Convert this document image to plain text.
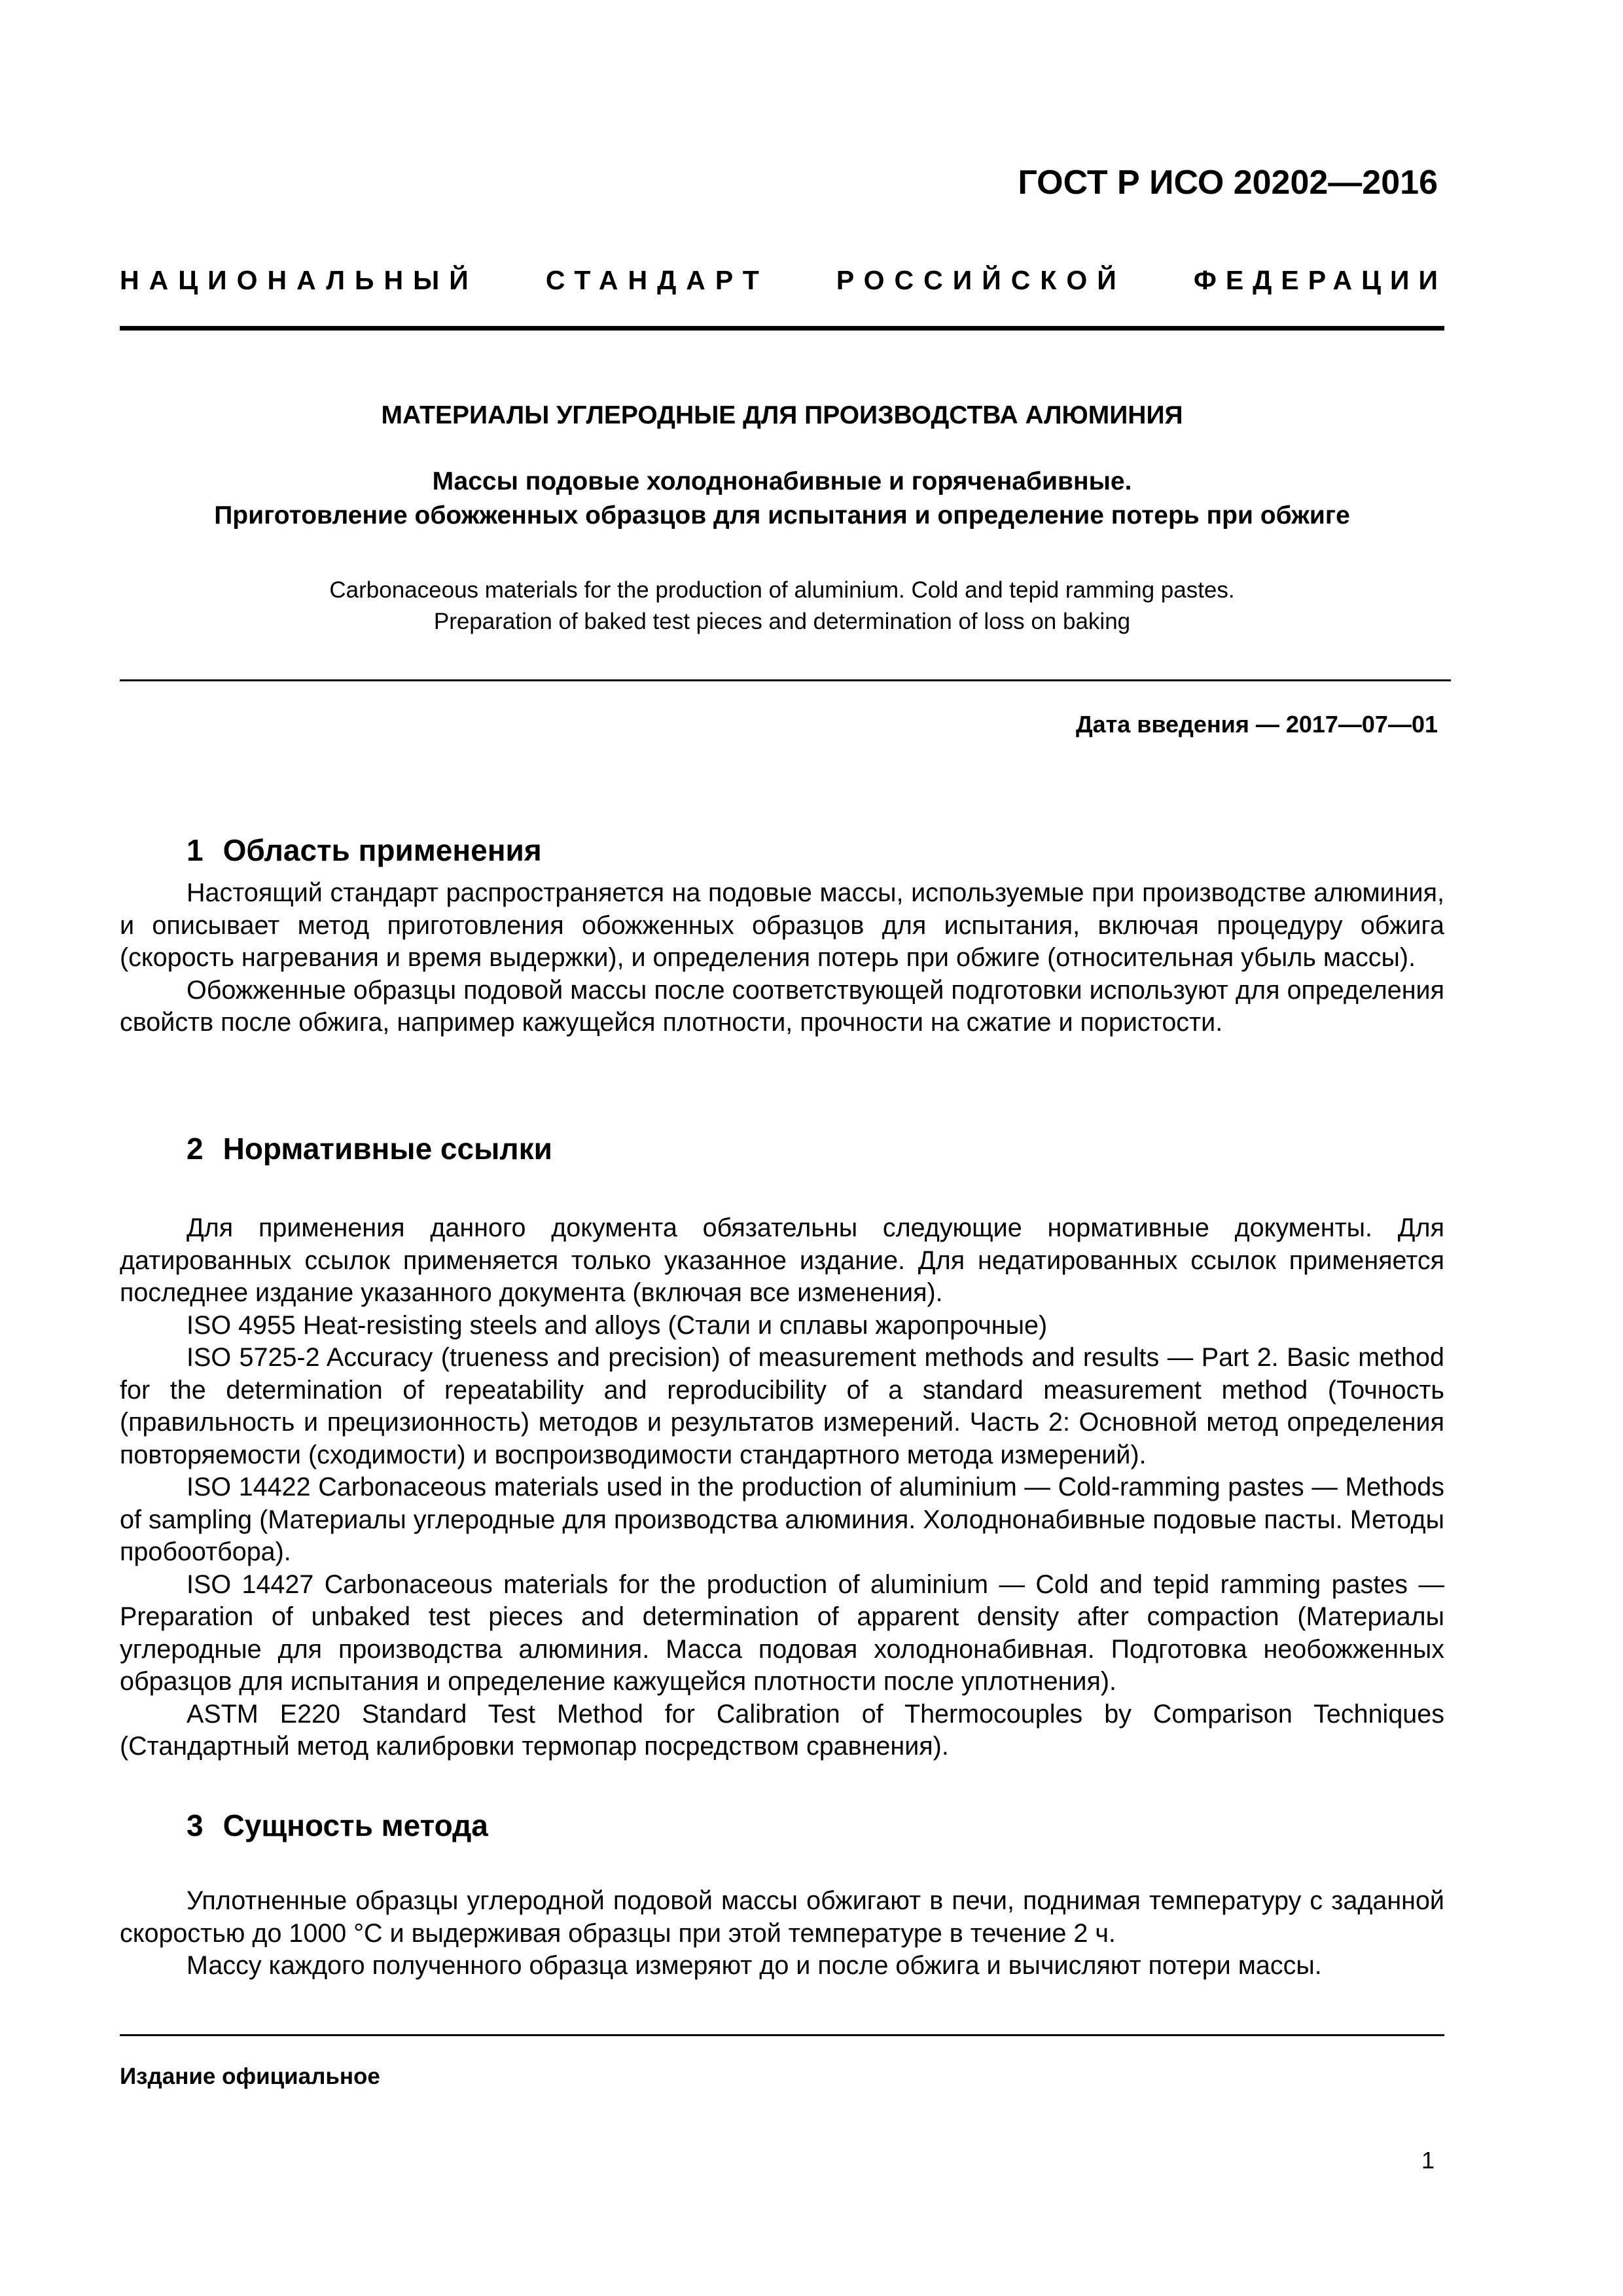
ГОСТ Р ИСО 20202—2016
НАЦИОНАЛЬНЫЙ	СТАНДАРТ	РОССИЙСКОЙ	ФЕДЕРАЦИИ
МАТЕРИАЛЫ УГЛЕРОДНЫЕ ДЛЯ ПРОИЗВОДСТВА АЛЮМИНИЯ
Массы подовые холоднонабивные и горяченабивные.
Приготовление обожженных образцов для испытания и определение потерь при обжиге
Carbonaceous materials for the production of aluminium. Cold and tepid ramming pastes.
Preparation of baked test pieces and determination of loss on baking
Дата введения — 2017—07—01
1 Область применения

Настоящий стандарт распространяется на подовые массы, используемые при производстве алюминия, и описывает метод приготовления обожженных образцов для испытания, включая процедуру обжига (скорость нагревания и время выдержки), и определения потерь при обжиге (относительная убыль массы).

Обожженные образцы подовой массы после соответствующей подготовки используют для определения свойств после обжига, например кажущейся плотности, прочности на сжатие и пористости.

2 Нормативные ссылки

Для применения данного документа обязательны следующие нормативные документы. Для датированных ссылок применяется только указанное издание. Для недатированных ссылок применяется последнее издание указанного документа (включая все изменения).

ISO 4955 Heat-resisting steels and alloys (Стали и сплавы жаропрочные)

ISO 5725-2 Accuracy (trueness and precision) of measurement methods and results — Part 2. Basic method for the determination of repeatability and reproducibility of a standard measurement method (Точность (правильность и прецизионность) методов и результатов измерений. Часть 2: Основной метод определения повторяемости (сходимости) и воспроизводимости стандартного метода измерений).

ISO 14422 Carbonaceous materials used in the production of aluminium — Cold-ramming pastes — Methods of sampling (Материалы углеродные для производства алюминия. Холоднонабивные подовые пасты. Методы пробоотбора).

ISO 14427 Carbonaceous materials for the production of aluminium — Cold and tepid ramming pastes — Preparation of unbaked test pieces and determination of apparent density after compaction (Материалы углеродные для производства алюминия. Масса подовая холоднонабивная. Подготовка необожженных образцов для испытания и определение кажущейся плотности после уплотнения).

ASTM E220 Standard Test Method for Calibration of Thermocouples by Comparison Techniques (Стандартный метод калибровки термопар посредством сравнения).

3 Сущность метода

Уплотненные образцы углеродной подовой массы обжигают в печи, поднимая температуру с заданной скоростью до 1000 °С и выдерживая образцы при этой температуре в течение 2 ч.

Массу каждого полученного образца измеряют до и после обжига и вычисляют потери массы.

Издание официальное
1
